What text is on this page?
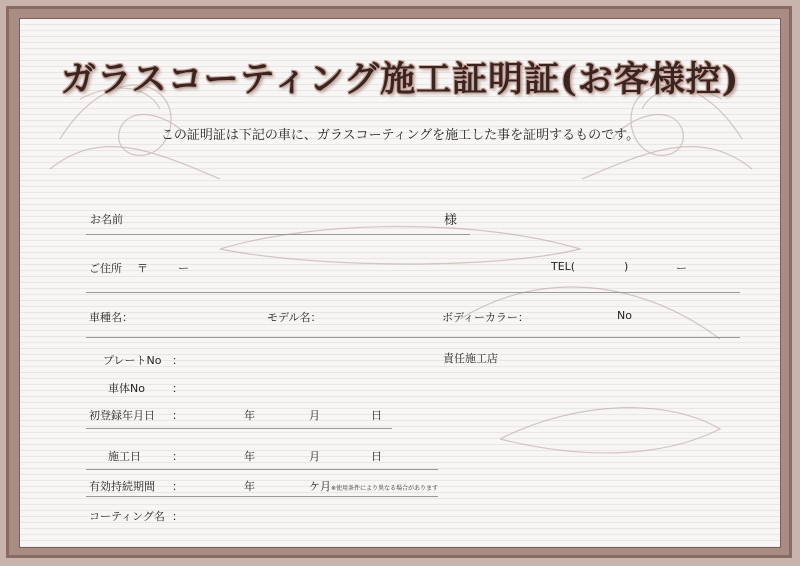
ガラスコーティング施工証明証(お客様控)
この証明証は下記の車に、ガラスコーティングを施工した事を証明するものです。
お名前	様
ご住所 〒	ー	TEL(	)	ー
車種名：	モデル名：	ボディーカラー：	No
プレートNo ：	責任施工店
車体No ：
初登録年月日 ：	年	月	日
施工日	：	年	月	日
有効持続期間 ：	年	ケ月 ※使用条件により異なる場合があります
コーティング名 ：
